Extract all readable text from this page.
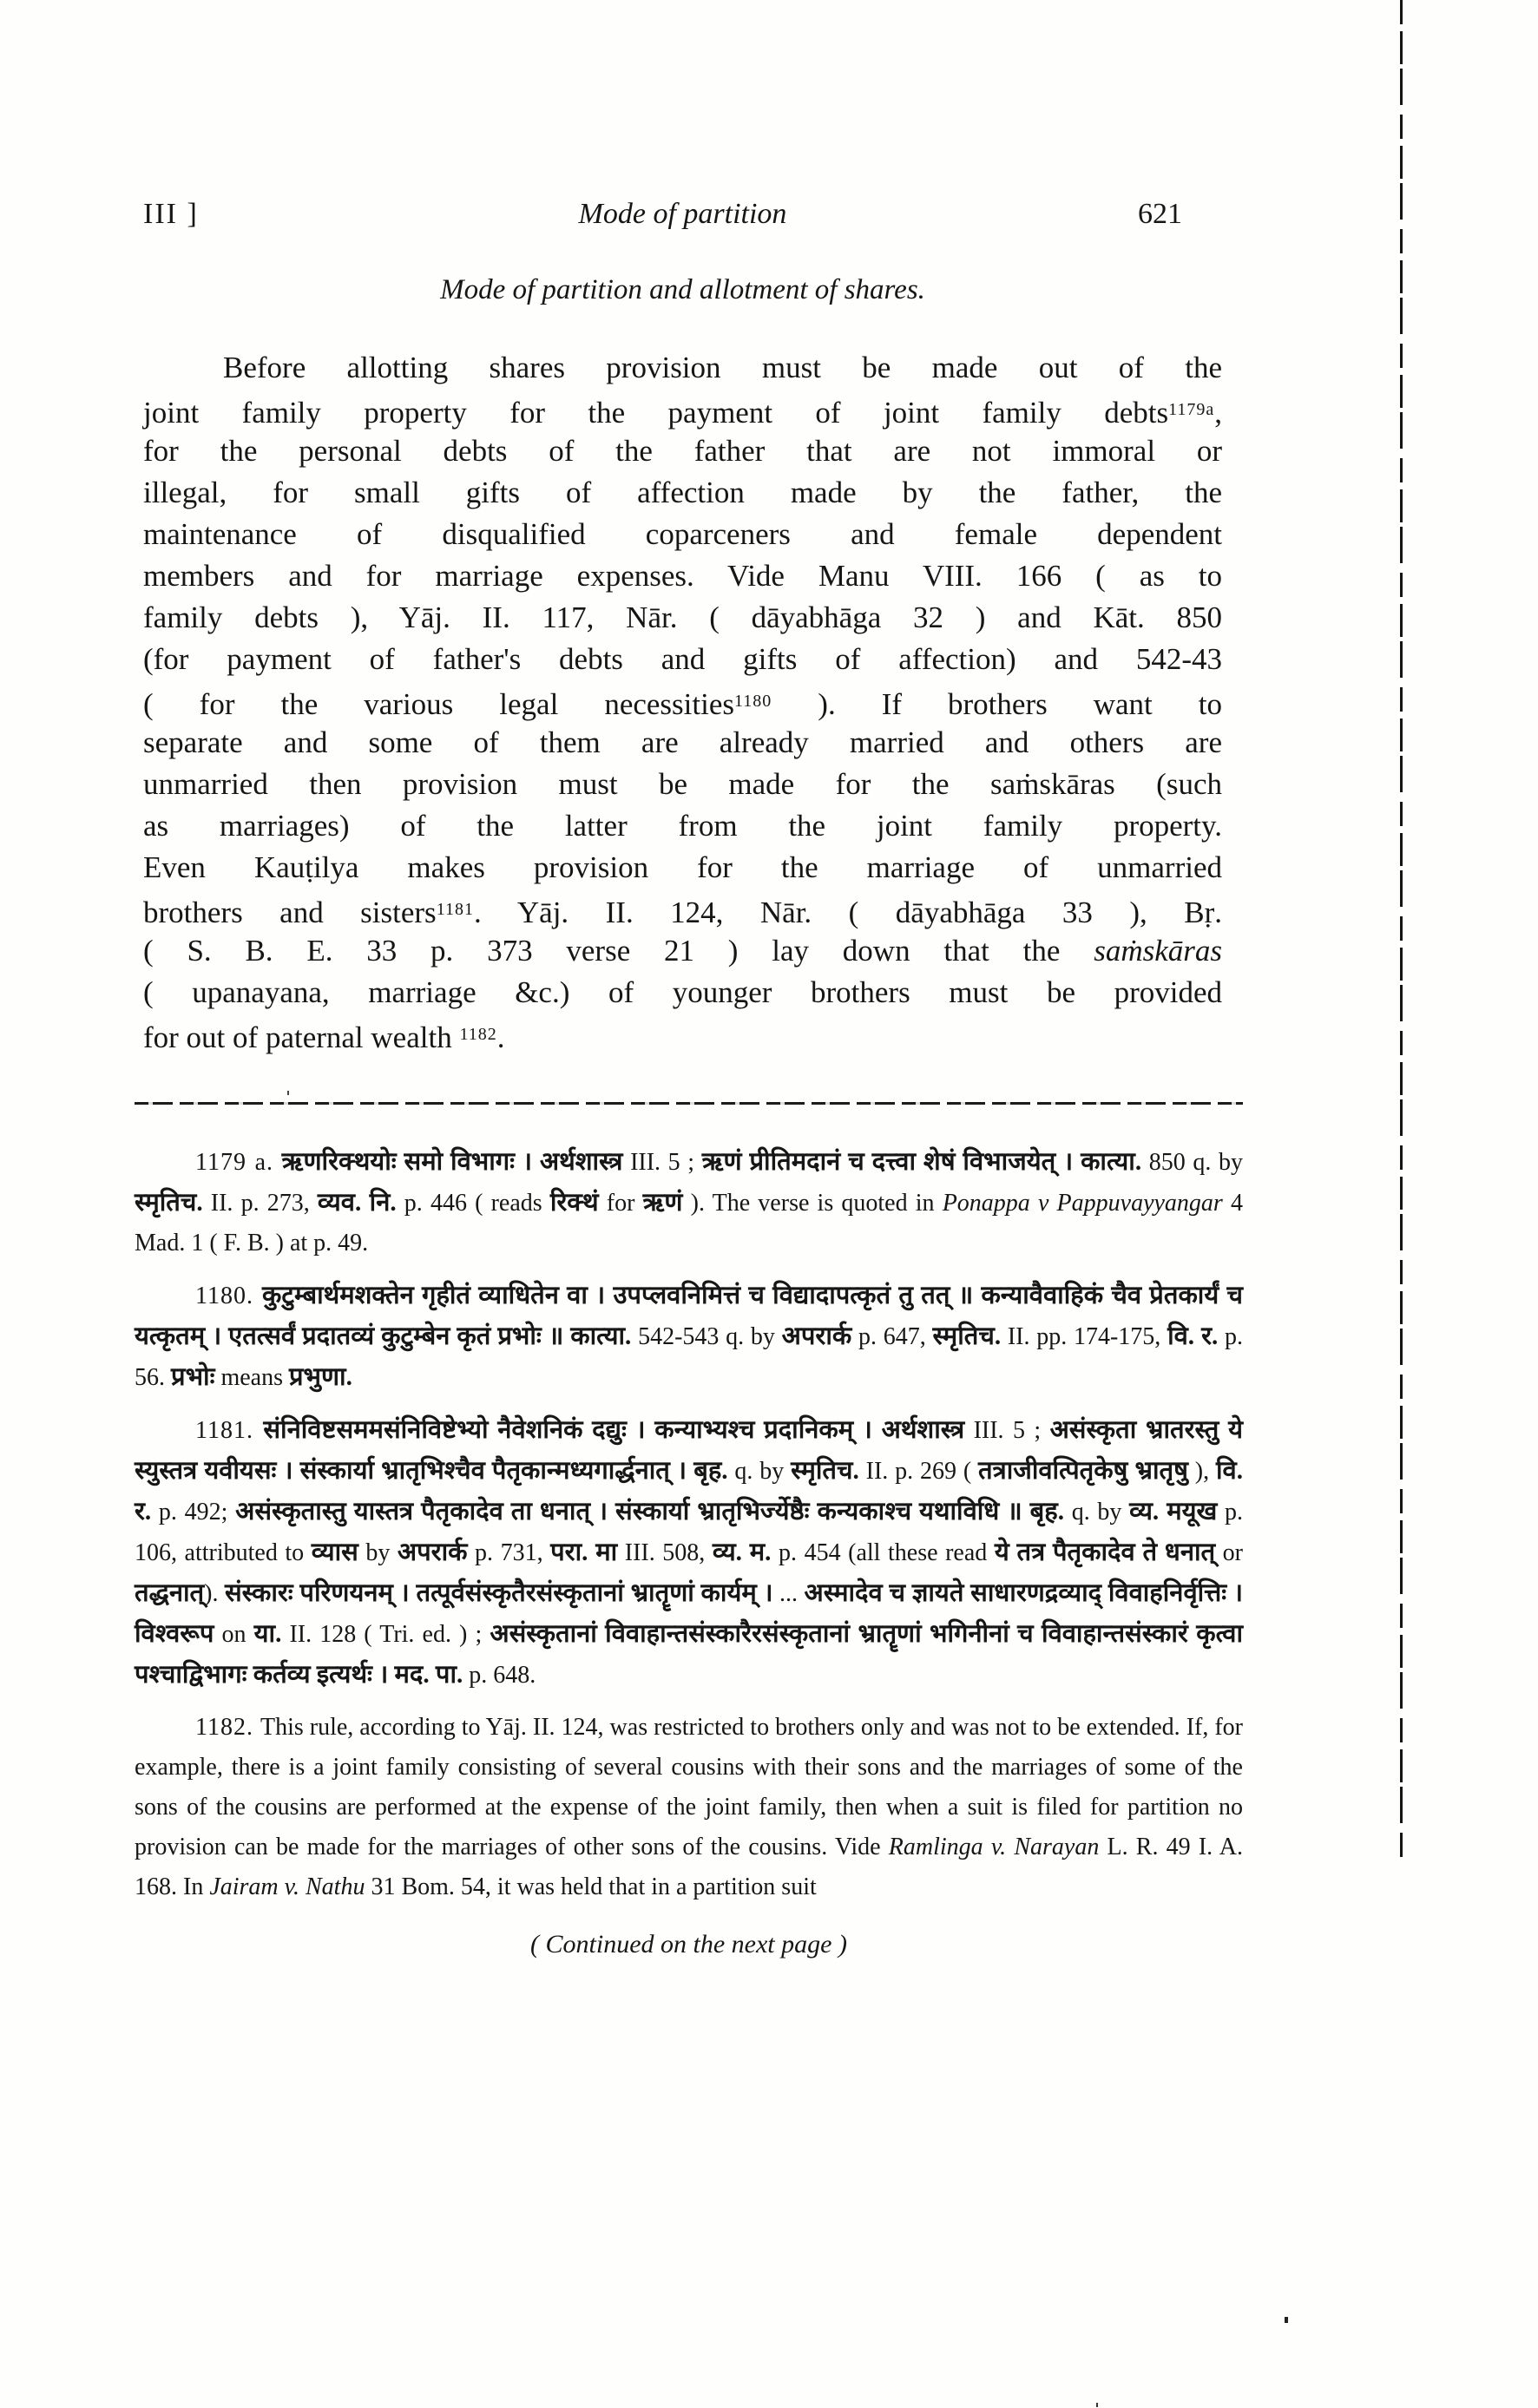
III ]	Mode of partition	621
Mode of partition and allotment of shares.
Before allotting shares provision must be made out of the
joint family property for the payment of joint family debts$^{1179a}$,
for the personal debts of the father that are not immoral or
illegal, for small gifts of affection made by the father, the
maintenance of disqualified coparceners and female dependent
members and for marriage expenses. Vide Manu VIII. 166 ( as to
family debts ), Yāj. II. 117, Nār. ( dāyabhāga 32 ) and Kāt. 850
(for payment of father's debts and gifts of affection) and 542-43
( for the various legal necessities$^{1180}$ ). If brothers want to
separate and some of them are already married and others are
unmarried then provision must be made for the saṁskāras (such
as marriages) of the latter from the joint family property.
Even Kauṭilya makes provision for the marriage of unmarried
brothers and sisters$^{1181}$. Yāj. II. 124, Nār. ( dāyabhāga 33 ), Bṛ.
( S. B. E. 33 p. 373 verse 21 ) lay down that the saṁskāras
( upanayana, marriage &c.) of younger brothers must be provided
for out of paternal wealth $^{1182}$.

1179 a. ऋणरिक्थयोः समो विभागः । अर्थशास्त्र III. 5 ; ऋणं प्रीतिमदानं च दत्त्वा शेषं विभाजयेत् । कात्या. 850 q. by स्मृतिच. II. p. 273, व्यव. नि. p. 446 ( reads रिक्थं for ऋणं ). The verse is quoted in Ponappa v Pappuvayyangar 4 Mad. 1 ( F. B. ) at p. 49.

1180. कुटुम्बार्थमशक्तेन गृहीतं व्याधितेन वा । उपप्लवनिमित्तं च विद्यादापत्कृतं तु तत् ॥ कन्यावैवाहिकं चैव प्रेतकार्यं च यत्कृतम् । एतत्सर्वं प्रदातव्यं कुटुम्बेन कृतं प्रभोः ॥ कात्या. 542-543 q. by अपरार्क p. 647, स्मृतिच. II. pp. 174-175, वि. र. p. 56. प्रभोः means प्रभुणा.

1181. संनिविष्टसममसंनिविष्टेभ्यो नैवेशनिकं दद्युः । कन्याभ्यश्च प्रदानिकम् । अर्थशास्त्र III. 5 ; असंस्कृता भ्रातरस्तु ये स्युस्तत्र यवीयसः । संस्कार्या भ्रातृभिश्चैव पैतृकान्मध्यगार्द्धनात् । बृह. q. by स्मृतिच. II. p. 269 ( तत्राजीवत्पितृकेषु भ्रातृषु ), वि. र. p. 492; असंस्कृतास्तु यास्तत्र पैतृकादेव ता धनात् । संस्कार्या भ्रातृभिर्ज्येष्ठैः कन्यकाश्च यथाविधि ॥ बृह. q. by व्य. मयूख p. 106, attributed to व्यास by अपरार्क p. 731, परा. मा III. 508, व्य. म. p. 454 (all these read ये तत्र पैतृकादेव ते धनात् or तद्धनात्). संस्कारः परिणयनम् । तत्पूर्वसंस्कृतैरसंस्कृतानां भ्रातॄणां कार्यम् । ... अस्मादेव च ज्ञायते साधारणद्रव्याद् विवाहनिर्वृत्तिः । विश्वरूप on या. II. 128 ( Tri. ed. ) ; असंस्कृतानां विवाहान्तसंस्कारैरसंस्कृतानां भ्रातॄणां भगिनीनां च विवाहान्तसंस्कारं कृत्वा पश्चाद्विभागः कर्तव्य इत्यर्थः । मद. पा. p. 648.

1182. This rule, according to Yāj. II. 124, was restricted to brothers only and was not to be extended. If, for example, there is a joint family consisting of several cousins with their sons and the marriages of some of the sons of the cousins are performed at the expense of the joint family, then when a suit is filed for partition no provision can be made for the marriages of other sons of the cousins. Vide Ramlinga v. Narayan L. R. 49 I. A. 168. In Jairam v. Nathu 31 Bom. 54, it was held that in a partition suit

( Continued on the next page )
